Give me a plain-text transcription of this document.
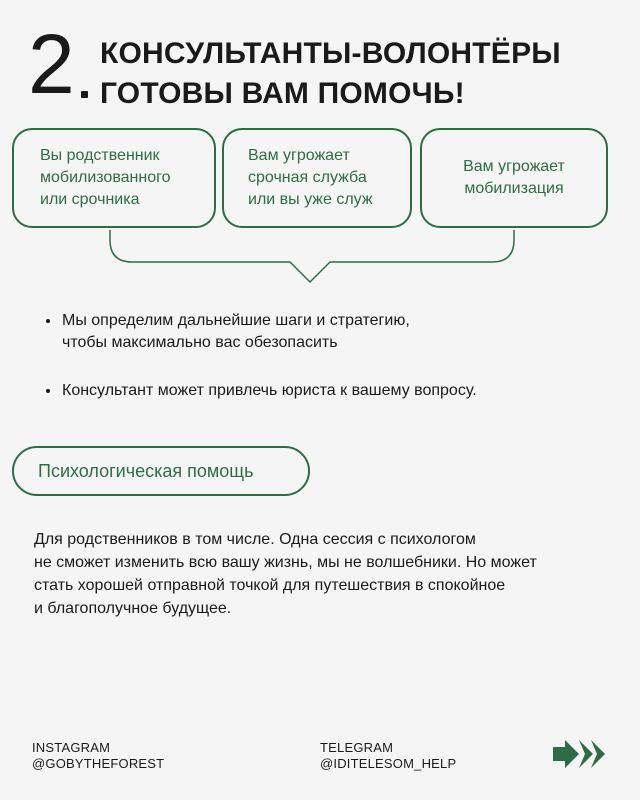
2 КОНСУЛЬТАНТЫ-ВОЛОНТЁРЫ
ГОТОВЫ ВАМ ПОМОЧЬ!
Вы родственник
мобилизованного
или срочника
Вам угрожает
срочная служба
или вы уже служ
Вам угрожает
мобилизация
Мы определим дальнейшие шаги и стратегию,
чтобы максимально вас обезопасить
Консультант может привлечь юриста к вашему вопросу.
Психологическая помощь
Для родственников в том числе. Одна сессия с психологом
не сможет изменить всю вашу жизнь, мы не волшебники. Но может
стать хорошей отправной точкой для путешествия в спокойное
и благополучное будущее.
INSTAGRAM
@GOBYTHEFOREST
TELEGRAM
@IDITELESOM_HELP
